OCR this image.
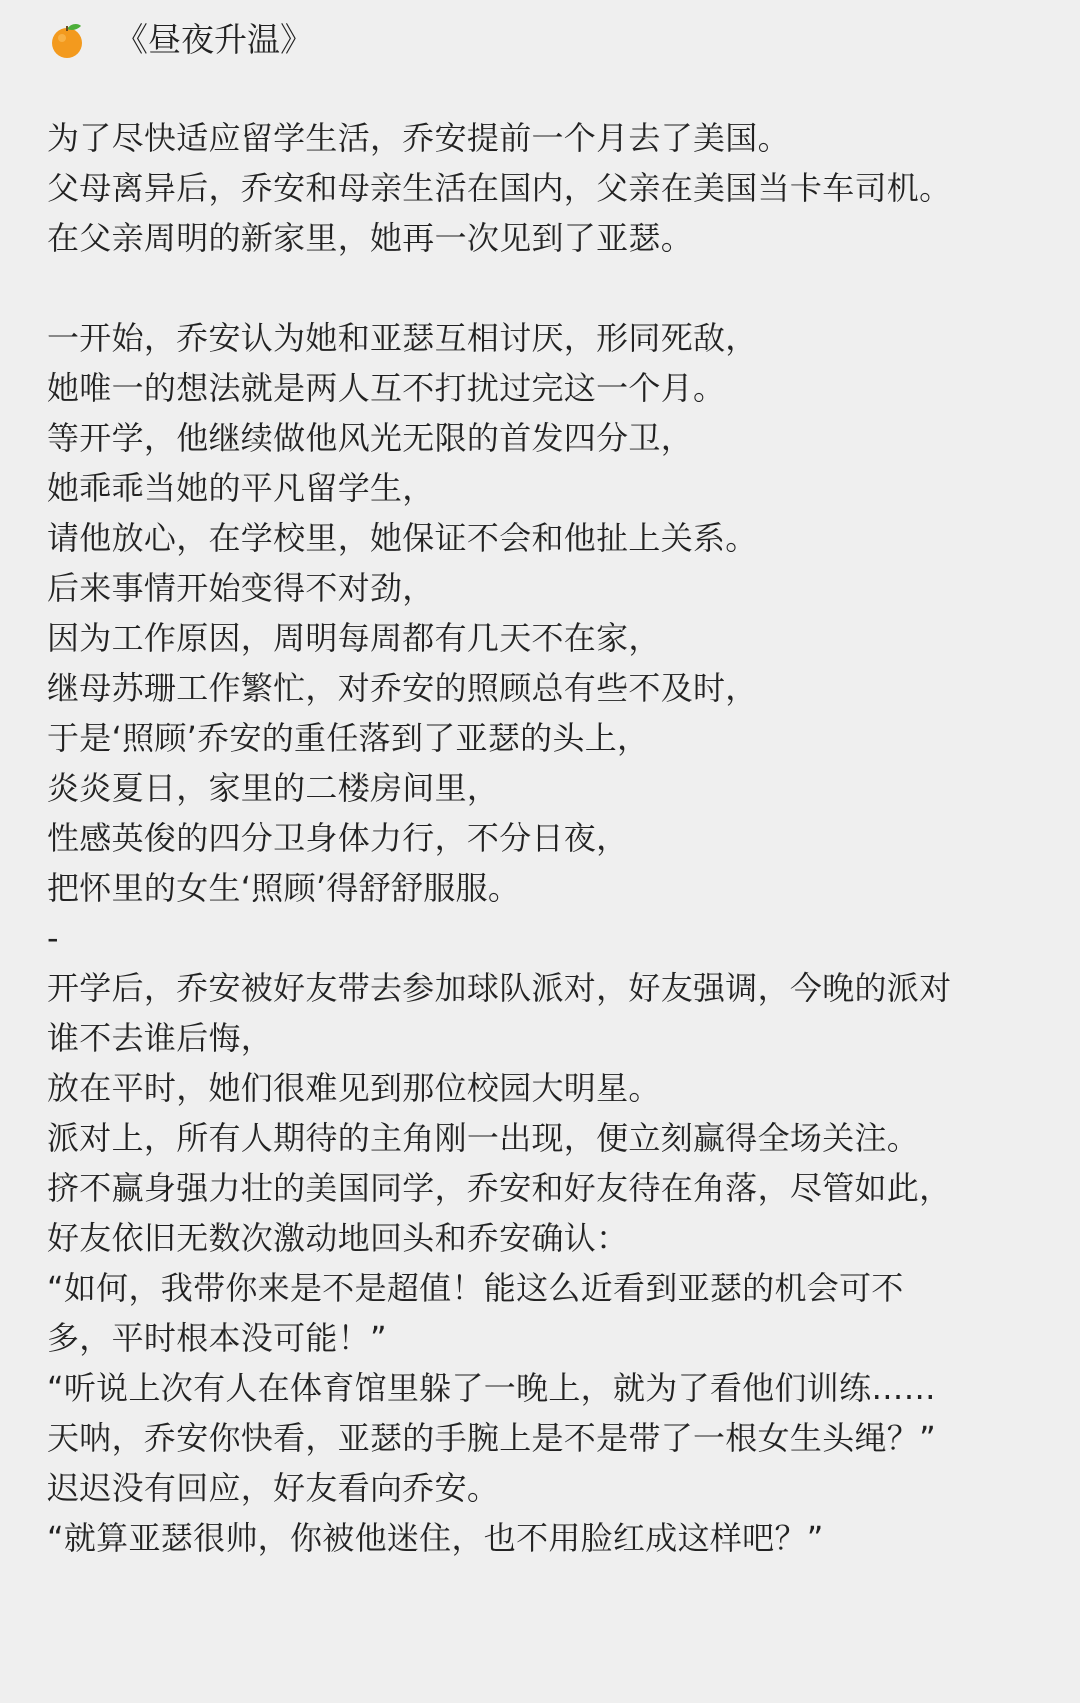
《昼夜升温》
为了尽快适应留学生活，乔安提前一个月去了美国。
父母离异后，乔安和母亲生活在国内，父亲在美国当卡车司机。
在父亲周明的新家里，她再一次见到了亚瑟。
一开始，乔安认为她和亚瑟互相讨厌，形同死敌，
她唯一的想法就是两人互不打扰过完这一个月。
等开学，他继续做他风光无限的首发四分卫，
她乖乖当她的平凡留学生，
请他放心，在学校里，她保证不会和他扯上关系。
后来事情开始变得不对劲，
因为工作原因，周明每周都有几天不在家，
继母苏珊工作繁忙，对乔安的照顾总有些不及时，
于是‘照顾’乔安的重任落到了亚瑟的头上，
炎炎夏日，家里的二楼房间里，
性感英俊的四分卫身体力行，不分日夜，
把怀里的女生‘照顾’得舒舒服服。
-
开学后，乔安被好友带去参加球队派对，好友强调，今晚的派对
谁不去谁后悔，
放在平时，她们很难见到那位校园大明星。
派对上，所有人期待的主角刚一出现，便立刻赢得全场关注。
挤不赢身强力壮的美国同学，乔安和好友待在角落，尽管如此，
好友依旧无数次激动地回头和乔安确认：
“如何，我带你来是不是超值！能这么近看到亚瑟的机会可不
多，平时根本没可能！”
“听说上次有人在体育馆里躲了一晚上，就为了看他们训练……
天呐，乔安你快看，亚瑟的手腕上是不是带了一根女生头绳？”
迟迟没有回应，好友看向乔安。
“就算亚瑟很帅，你被他迷住，也不用脸红成这样吧？”
